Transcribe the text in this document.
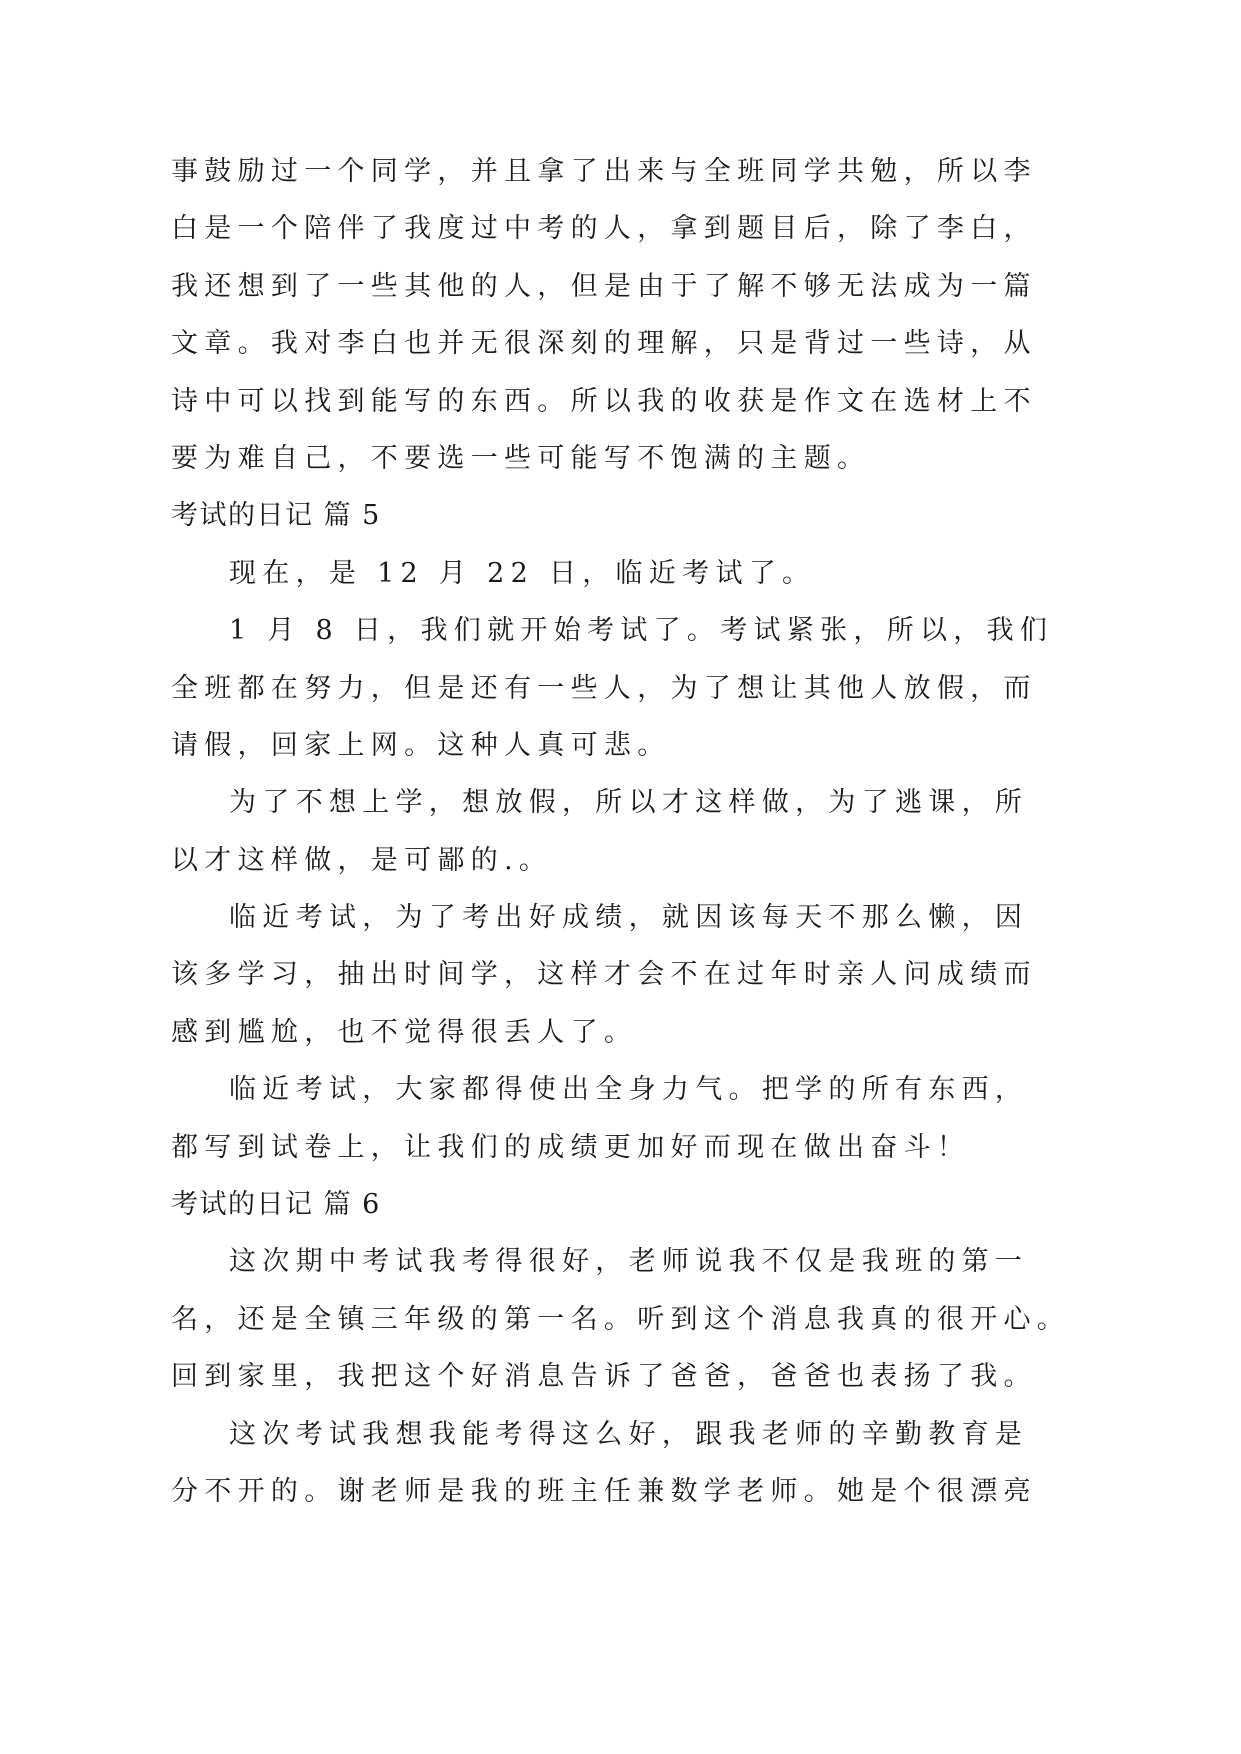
事鼓励过一个同学，并且拿了出来与全班同学共勉，所以李
白是一个陪伴了我度过中考的人，拿到题目后，除了李白，
我还想到了一些其他的人，但是由于了解不够无法成为一篇
文章。我对李白也并无很深刻的理解，只是背过一些诗，从
诗中可以找到能写的东西。所以我的收获是作文在选材上不
要为难自己，不要选一些可能写不饱满的主题。
考试的日记 篇 5
现在，是 12 月 22 日，临近考试了。
1 月 8 日，我们就开始考试了。考试紧张，所以，我们
全班都在努力，但是还有一些人，为了想让其他人放假，而
请假，回家上网。这种人真可悲。
为了不想上学，想放假，所以才这样做，为了逃课，所
以才这样做，是可鄙的.。
临近考试，为了考出好成绩，就因该每天不那么懒，因
该多学习，抽出时间学，这样才会不在过年时亲人问成绩而
感到尴尬，也不觉得很丢人了。
临近考试，大家都得使出全身力气。把学的所有东西，
都写到试卷上，让我们的成绩更加好而现在做出奋斗！
考试的日记 篇 6
这次期中考试我考得很好，老师说我不仅是我班的第一
名，还是全镇三年级的第一名。听到这个消息我真的很开心。
回到家里，我把这个好消息告诉了爸爸，爸爸也表扬了我。
这次考试我想我能考得这么好，跟我老师的辛勤教育是
分不开的。谢老师是我的班主任兼数学老师。她是个很漂亮
